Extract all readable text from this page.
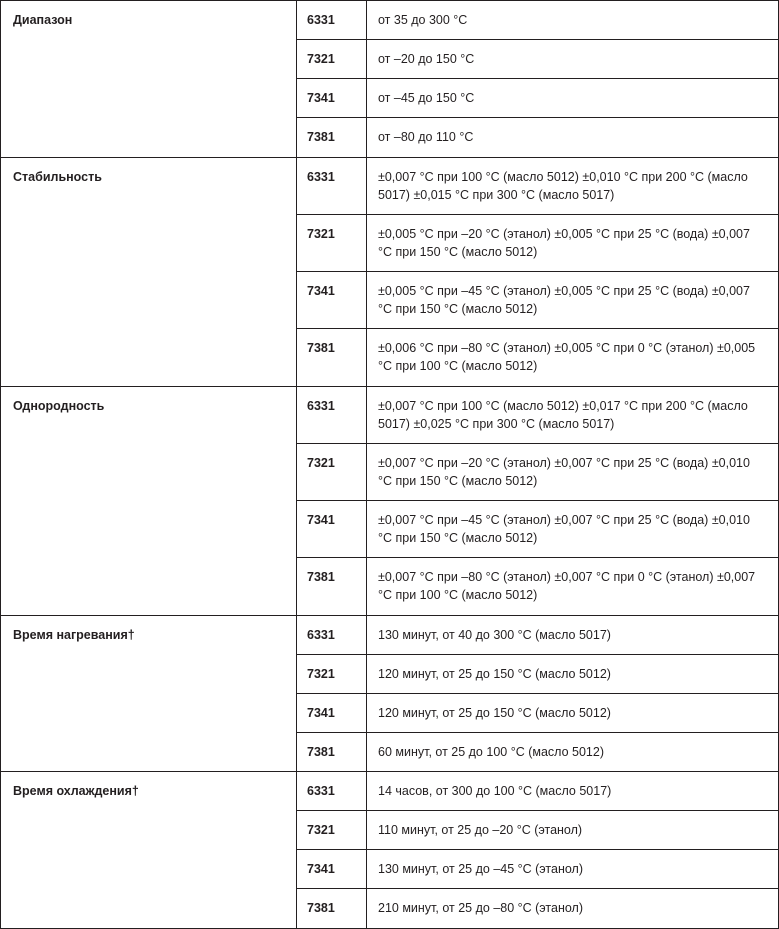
Диапазон	6331	от 35 до 300 °C
	7321	от –20 до 150 °C
	7341	от –45 до 150 °C
	7381	от –80 до 110 °C
Стабильность	6331	±0,007 °C при 100 °C (масло 5012) ±0,010 °C при 200 °C (масло 5017) ±0,015 °C при 300 °C (масло 5017)
	7321	±0,005 °C при –20 °C (этанол) ±0,005 °C при 25 °C (вода) ±0,007 °C при 150 °C (масло 5012)
	7341	±0,005 °C при –45 °C (этанол) ±0,005 °C при 25 °C (вода) ±0,007 °C при 150 °C (масло 5012)
	7381	±0,006 °C при –80 °C (этанол) ±0,005 °C при 0 °C (этанол) ±0,005 °C при 100 °C (масло 5012)
Однородность	6331	±0,007 °C при 100 °C (масло 5012) ±0,017 °C при 200 °C (масло 5017) ±0,025 °C при 300 °C (масло 5017)
	7321	±0,007 °C при –20 °C (этанол) ±0,007 °C при 25 °C (вода) ±0,010 °C при 150 °C (масло 5012)
	7341	±0,007 °C при –45 °C (этанол) ±0,007 °C при 25 °C (вода) ±0,010 °C при 150 °C (масло 5012)
	7381	±0,007 °C при –80 °C (этанол) ±0,007 °C при 0 °C (этанол) ±0,007 °C при 100 °C (масло 5012)
Время нагревания†	6331	130 минут, от 40 до 300 °C (масло 5017)
	7321	120 минут, от 25 до 150 °C (масло 5012)
	7341	120 минут, от 25 до 150 °C (масло 5012)
	7381	60 минут, от 25 до 100 °C (масло 5012)
Время охлаждения†	6331	14 часов, от 300 до 100 °C (масло 5017)
	7321	110 минут, от 25 до –20 °C (этанол)
	7341	130 минут, от 25 до –45 °C (этанол)
	7381	210 минут, от 25 до –80 °C (этанол)
